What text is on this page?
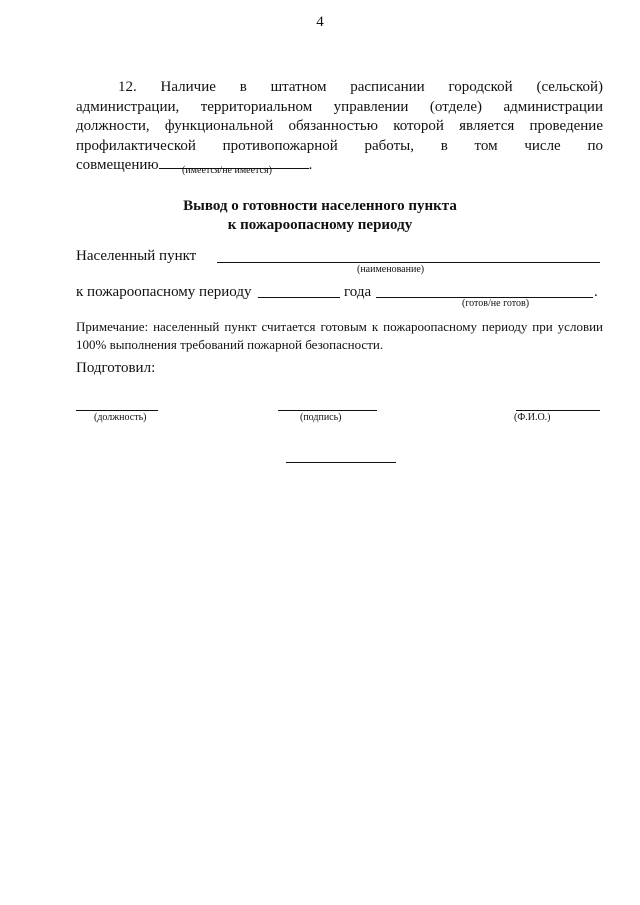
4
12. Наличие в штатном расписании городской (сельской)
администрации, территориальном управлении (отделе) администрации
должности, функциональной обязанностью которой является проведение
профилактической противопожарной работы, в том числе по
совмещению	.
(имеется/не имеется)
Вывод о готовности населенного пункта
к пожароопасному периоду
Населенный пункт
(наименование)
к пожароопасному периоду	года	.
(готов/не готов)
Примечание: населенный пункт считается готовым к пожароопасному периоду при условии
100% выполнения требований пожарной безопасности.
Подготовил:
(должность)	(подпись)	(Ф.И.О.)
